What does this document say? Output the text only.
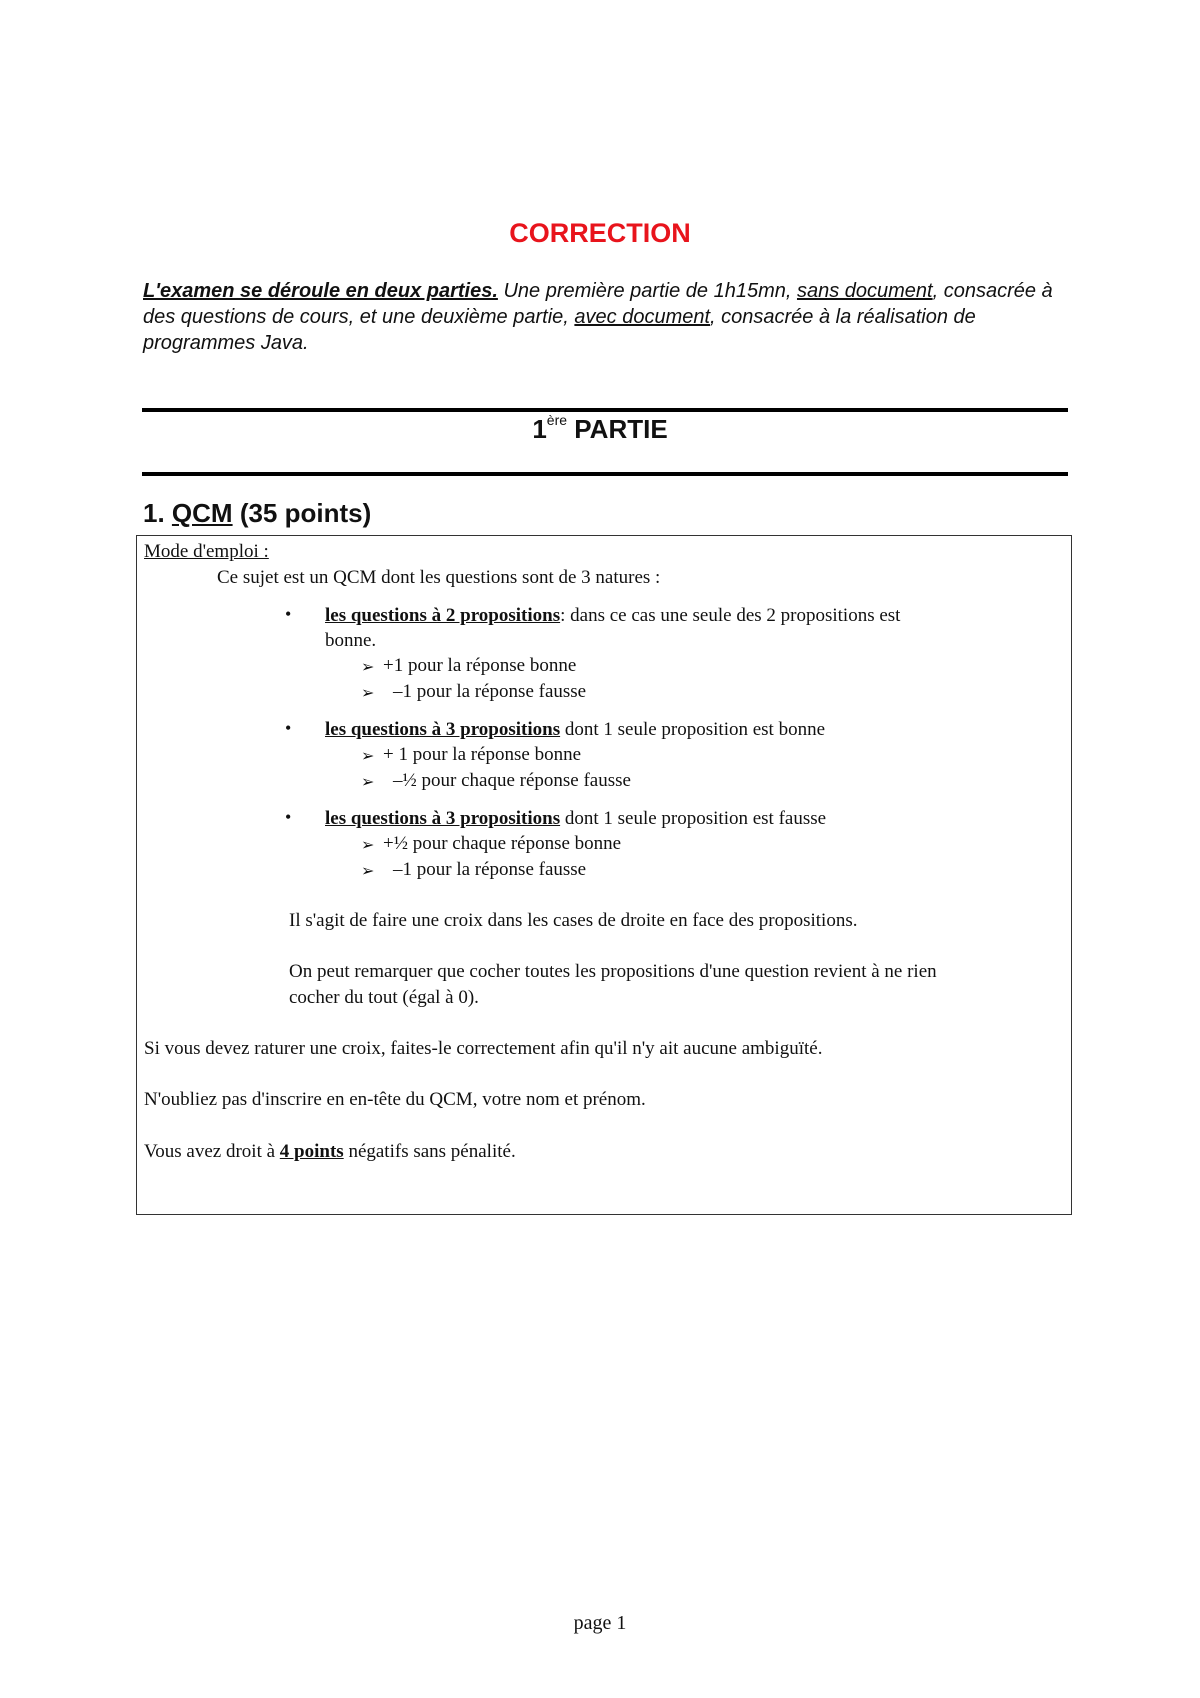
CORRECTION

L'examen se déroule en deux parties. Une première partie de 1h15mn, sans document, consacrée à des questions de cours, et une deuxième partie, avec document, consacrée à la réalisation de programmes Java.

1ère PARTIE
1. QCM (35 points)

Mode d'emploi :

Ce sujet est un QCM dont les questions sont de 3 natures :

• les questions à 2 propositions: dans ce cas une seule des 2 propositions est

bonne.

➢ +1 pour la réponse bonne

➢ –1 pour la réponse fausse

• les questions à 3 propositions dont 1 seule proposition est bonne

➢ + 1 pour la réponse bonne

➢ –½ pour chaque réponse fausse

• les questions à 3 propositions dont 1 seule proposition est fausse

➢ +½ pour chaque réponse bonne

➢ –1 pour la réponse fausse

Il s'agit de faire une croix dans les cases de droite en face des propositions.

On peut remarquer que cocher toutes les propositions d'une question revient à ne rien

cocher du tout (égal à 0).

Si vous devez raturer une croix, faites-le correctement afin qu'il n'y ait aucune ambiguïté.

N'oubliez pas d'inscrire en en-tête du QCM, votre nom et prénom.

Vous avez droit à 4 points négatifs sans pénalité.

page 1
